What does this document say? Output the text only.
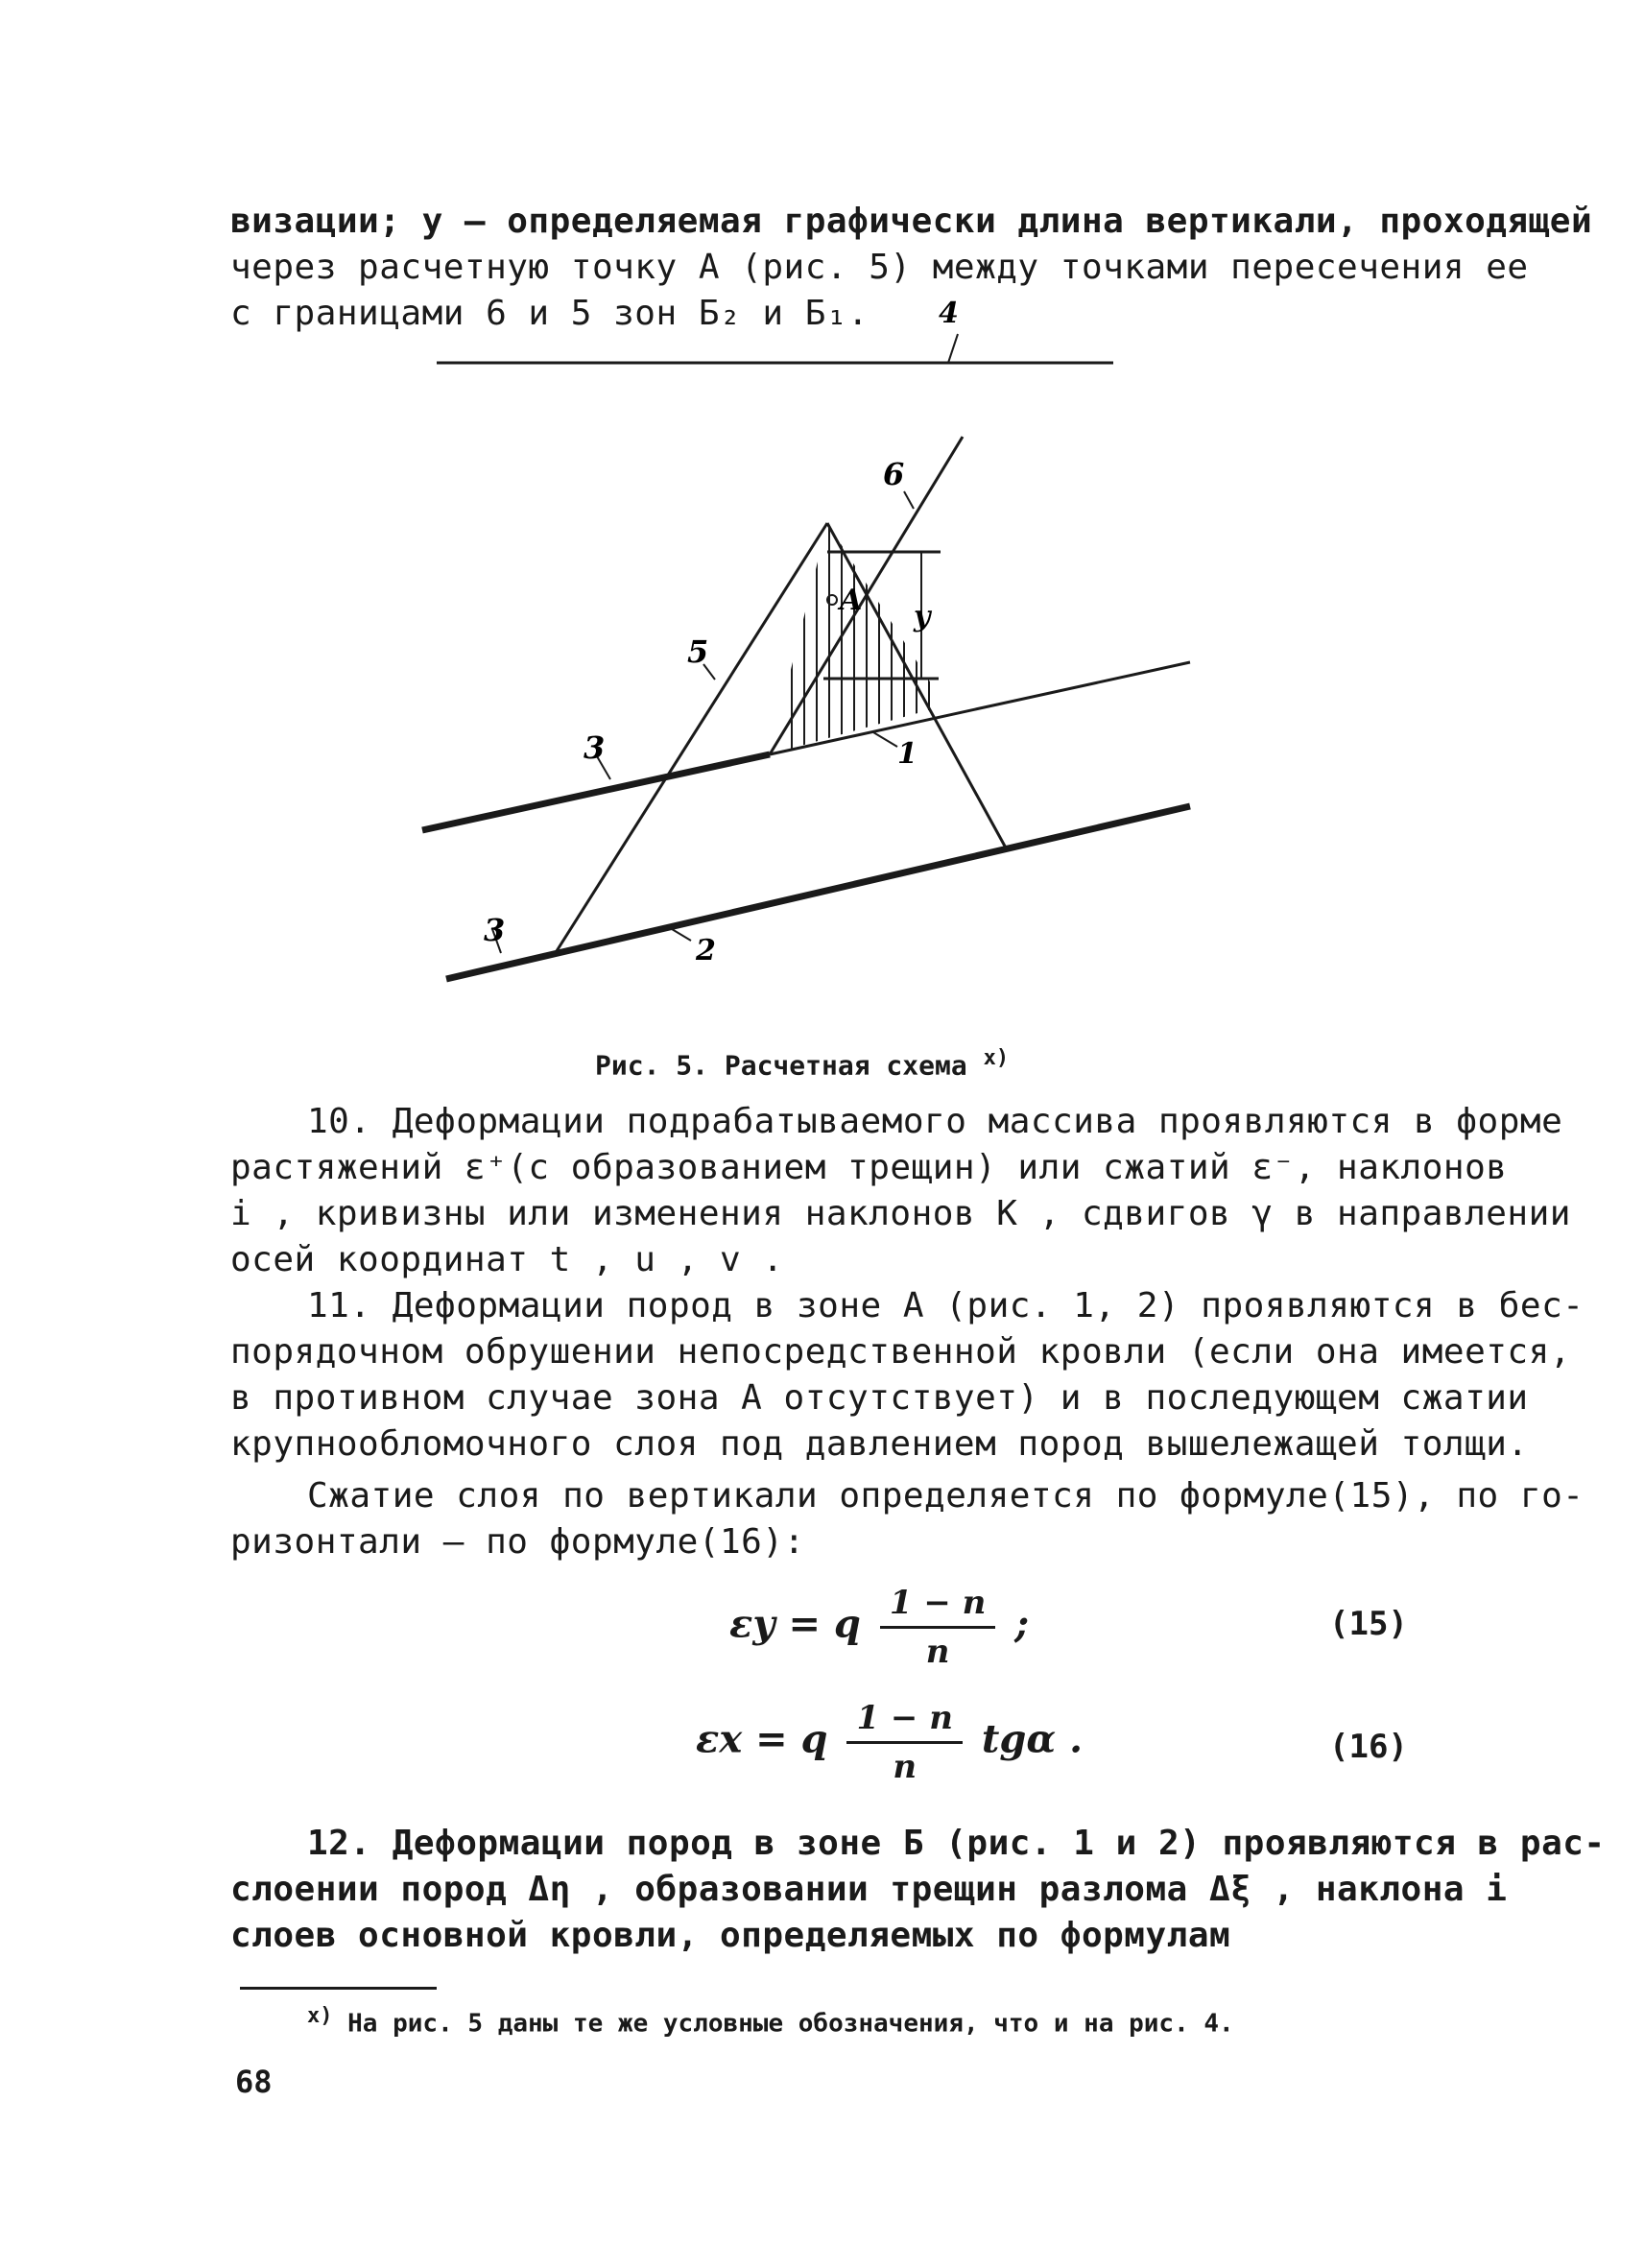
визации; y – определяемая графически длина вертикали, проходящей
через расчетную точку A (рис. 5) между точками пересечения ее
с границами 6 и 5 зон Б₂ и Б₁. 4
6
5
3
3
1
2
A y
Рис. 5. Расчетная схема $^{x)}$
10. Деформации подрабатываемого массива проявляются в форме
растяжений ε⁺(с образованием трещин) или сжатий ε⁻, наклонов
i , кривизны или изменения наклонов K , сдвигов γ в направлении
осей координат t , u , v .
11. Деформации пород в зоне A (рис. 1, 2) проявляются в бес-
порядочном обрушении непосредственной кровли (если она имеется,
в противном случае зона A отсутствует) и в последующем сжатии
крупнообломочного слоя под давлением пород вышележащей толщи.
Сжатие слоя по вертикали определяется по формуле(15), по го-
ризонтали – по формуле(16):
εy = q $\frac{1 - n}{n}$ ;	(15)
εx = q $\frac{1 - n}{n}$ tgα .	(16)
12. Деформации пород в зоне Б (рис. 1 и 2) проявляются в рас-
слоении пород Δη , образовании трещин разлома Δξ , наклона i
слоев основной кровли, определяемых по формулам
$^{x)}$ На рис. 5 даны те же условные обозначения, что и на рис. 4.
68
